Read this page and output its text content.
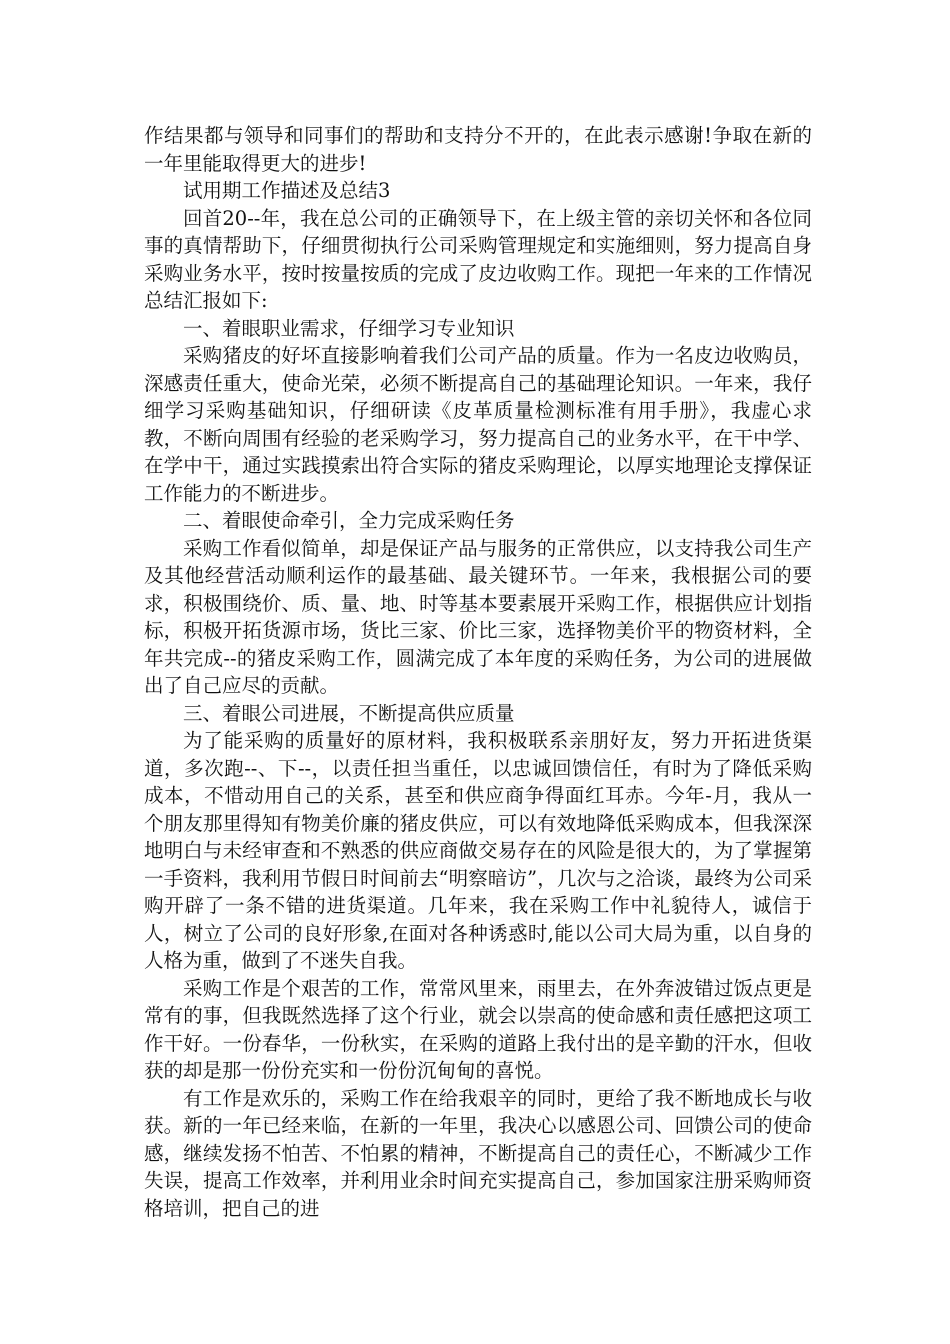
作结果都与领导和同事们的帮助和支持分不开的，在此表示感谢!争取在新的一年里能取得更大的进步!

试用期工作描述及总结3

回首20--年，我在总公司的正确领导下，在上级主管的亲切关怀和各位同事的真情帮助下，仔细贯彻执行公司采购管理规定和实施细则，努力提高自身采购业务水平，按时按量按质的完成了皮边收购工作。现把一年来的工作情况总结汇报如下:

一、着眼职业需求，仔细学习专业知识

采购猪皮的好坏直接影响着我们公司产品的质量。作为一名皮边收购员，深感责任重大，使命光荣，必须不断提高自己的基础理论知识。一年来，我仔细学习采购基础知识，仔细研读《皮革质量检测标准有用手册》，我虚心求教，不断向周围有经验的老采购学习，努力提高自己的业务水平，在干中学、在学中干，通过实践摸索出符合实际的猪皮采购理论，以厚实地理论支撑保证工作能力的不断进步。

二、着眼使命牵引，全力完成采购任务

采购工作看似简单，却是保证产品与服务的正常供应，以支持我公司生产及其他经营活动顺利运作的最基础、最关键环节。一年来，我根据公司的要求，积极围绕价、质、量、地、时等基本要素展开采购工作，根据供应计划指标，积极开拓货源市场，货比三家、价比三家，选择物美价平的物资材料，全年共完成--的猪皮采购工作，圆满完成了本年度的采购任务，为公司的进展做出了自己应尽的贡献。

三、着眼公司进展，不断提高供应质量

为了能采购的质量好的原材料，我积极联系亲朋好友，努力开拓进货渠道，多次跑--、下--，以责任担当重任，以忠诚回馈信任，有时为了降低采购成本，不惜动用自己的关系，甚至和供应商争得面红耳赤。今年-月，我从一个朋友那里得知有物美价廉的猪皮供应，可以有效地降低采购成本，但我深深地明白与未经审查和不熟悉的供应商做交易存在的风险是很大的，为了掌握第一手资料，我利用节假日时间前去“明察暗访”，几次与之洽谈，最终为公司采购开辟了一条不错的进货渠道。几年来，我在采购工作中礼貌待人，诚信于人，树立了公司的良好形象,在面对各种诱惑时,能以公司大局为重，以自身的人格为重，做到了不迷失自我。

采购工作是个艰苦的工作，常常风里来，雨里去，在外奔波错过饭点更是常有的事，但我既然选择了这个行业，就会以崇高的使命感和责任感把这项工作干好。一份春华，一份秋实，在采购的道路上我付出的是辛勤的汗水，但收获的却是那一份份充实和一份份沉甸甸的喜悦。

有工作是欢乐的，采购工作在给我艰辛的同时，更给了我不断地成长与收获。新的一年已经来临，在新的一年里，我决心以感恩公司、回馈公司的使命感，继续发扬不怕苦、不怕累的精神，不断提高自己的责任心，不断减少工作失误，提高工作效率，并利用业余时间充实提高自己，参加国家注册采购师资格培训，把自己的进
